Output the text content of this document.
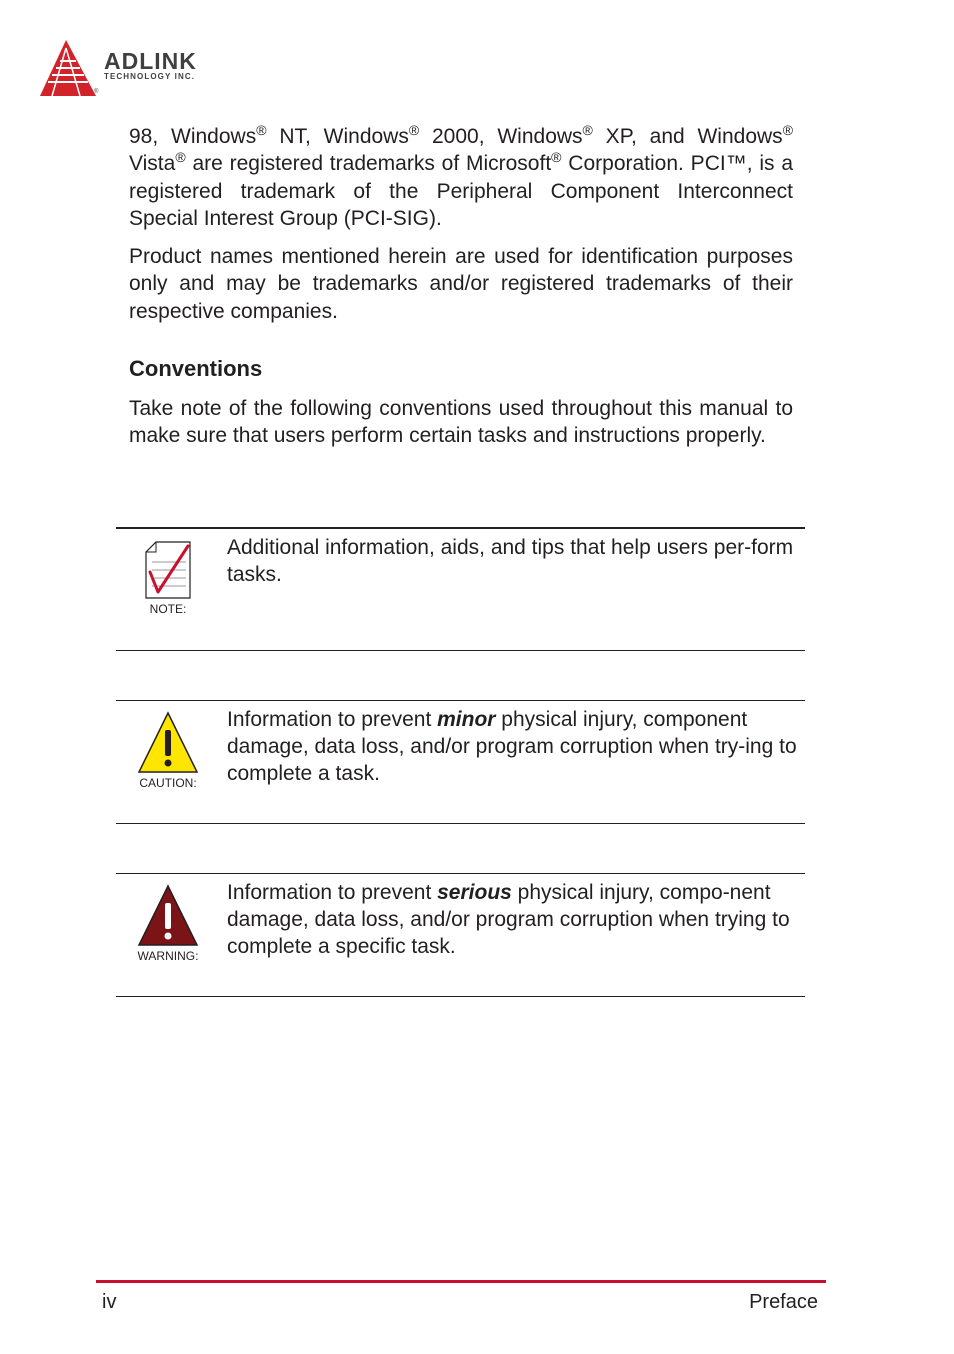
ADLINK
TECHNOLOGY INC.
®

98, Windows® NT, Windows® 2000, Windows® XP, and Windows® Vista® are registered trademarks of Microsoft® Corporation. PCI™, is a registered trademark of the Peripheral Component Interconnect Special Interest Group (PCI-SIG).

Product names mentioned herein are used for identification purposes only and may be trademarks and/or registered trademarks of their respective companies.

Conventions

Take note of the following conventions used throughout this manual to make sure that users perform certain tasks and instructions properly.

NOTE:

Additional information, aids, and tips that help users per-form tasks.

CAUTION:

Information to prevent minor physical injury, component damage, data loss, and/or program corruption when try-ing to complete a task.

WARNING:

Information to prevent serious physical injury, compo-nent damage, data loss, and/or program corruption when trying to complete a specific task.

iv	Preface
